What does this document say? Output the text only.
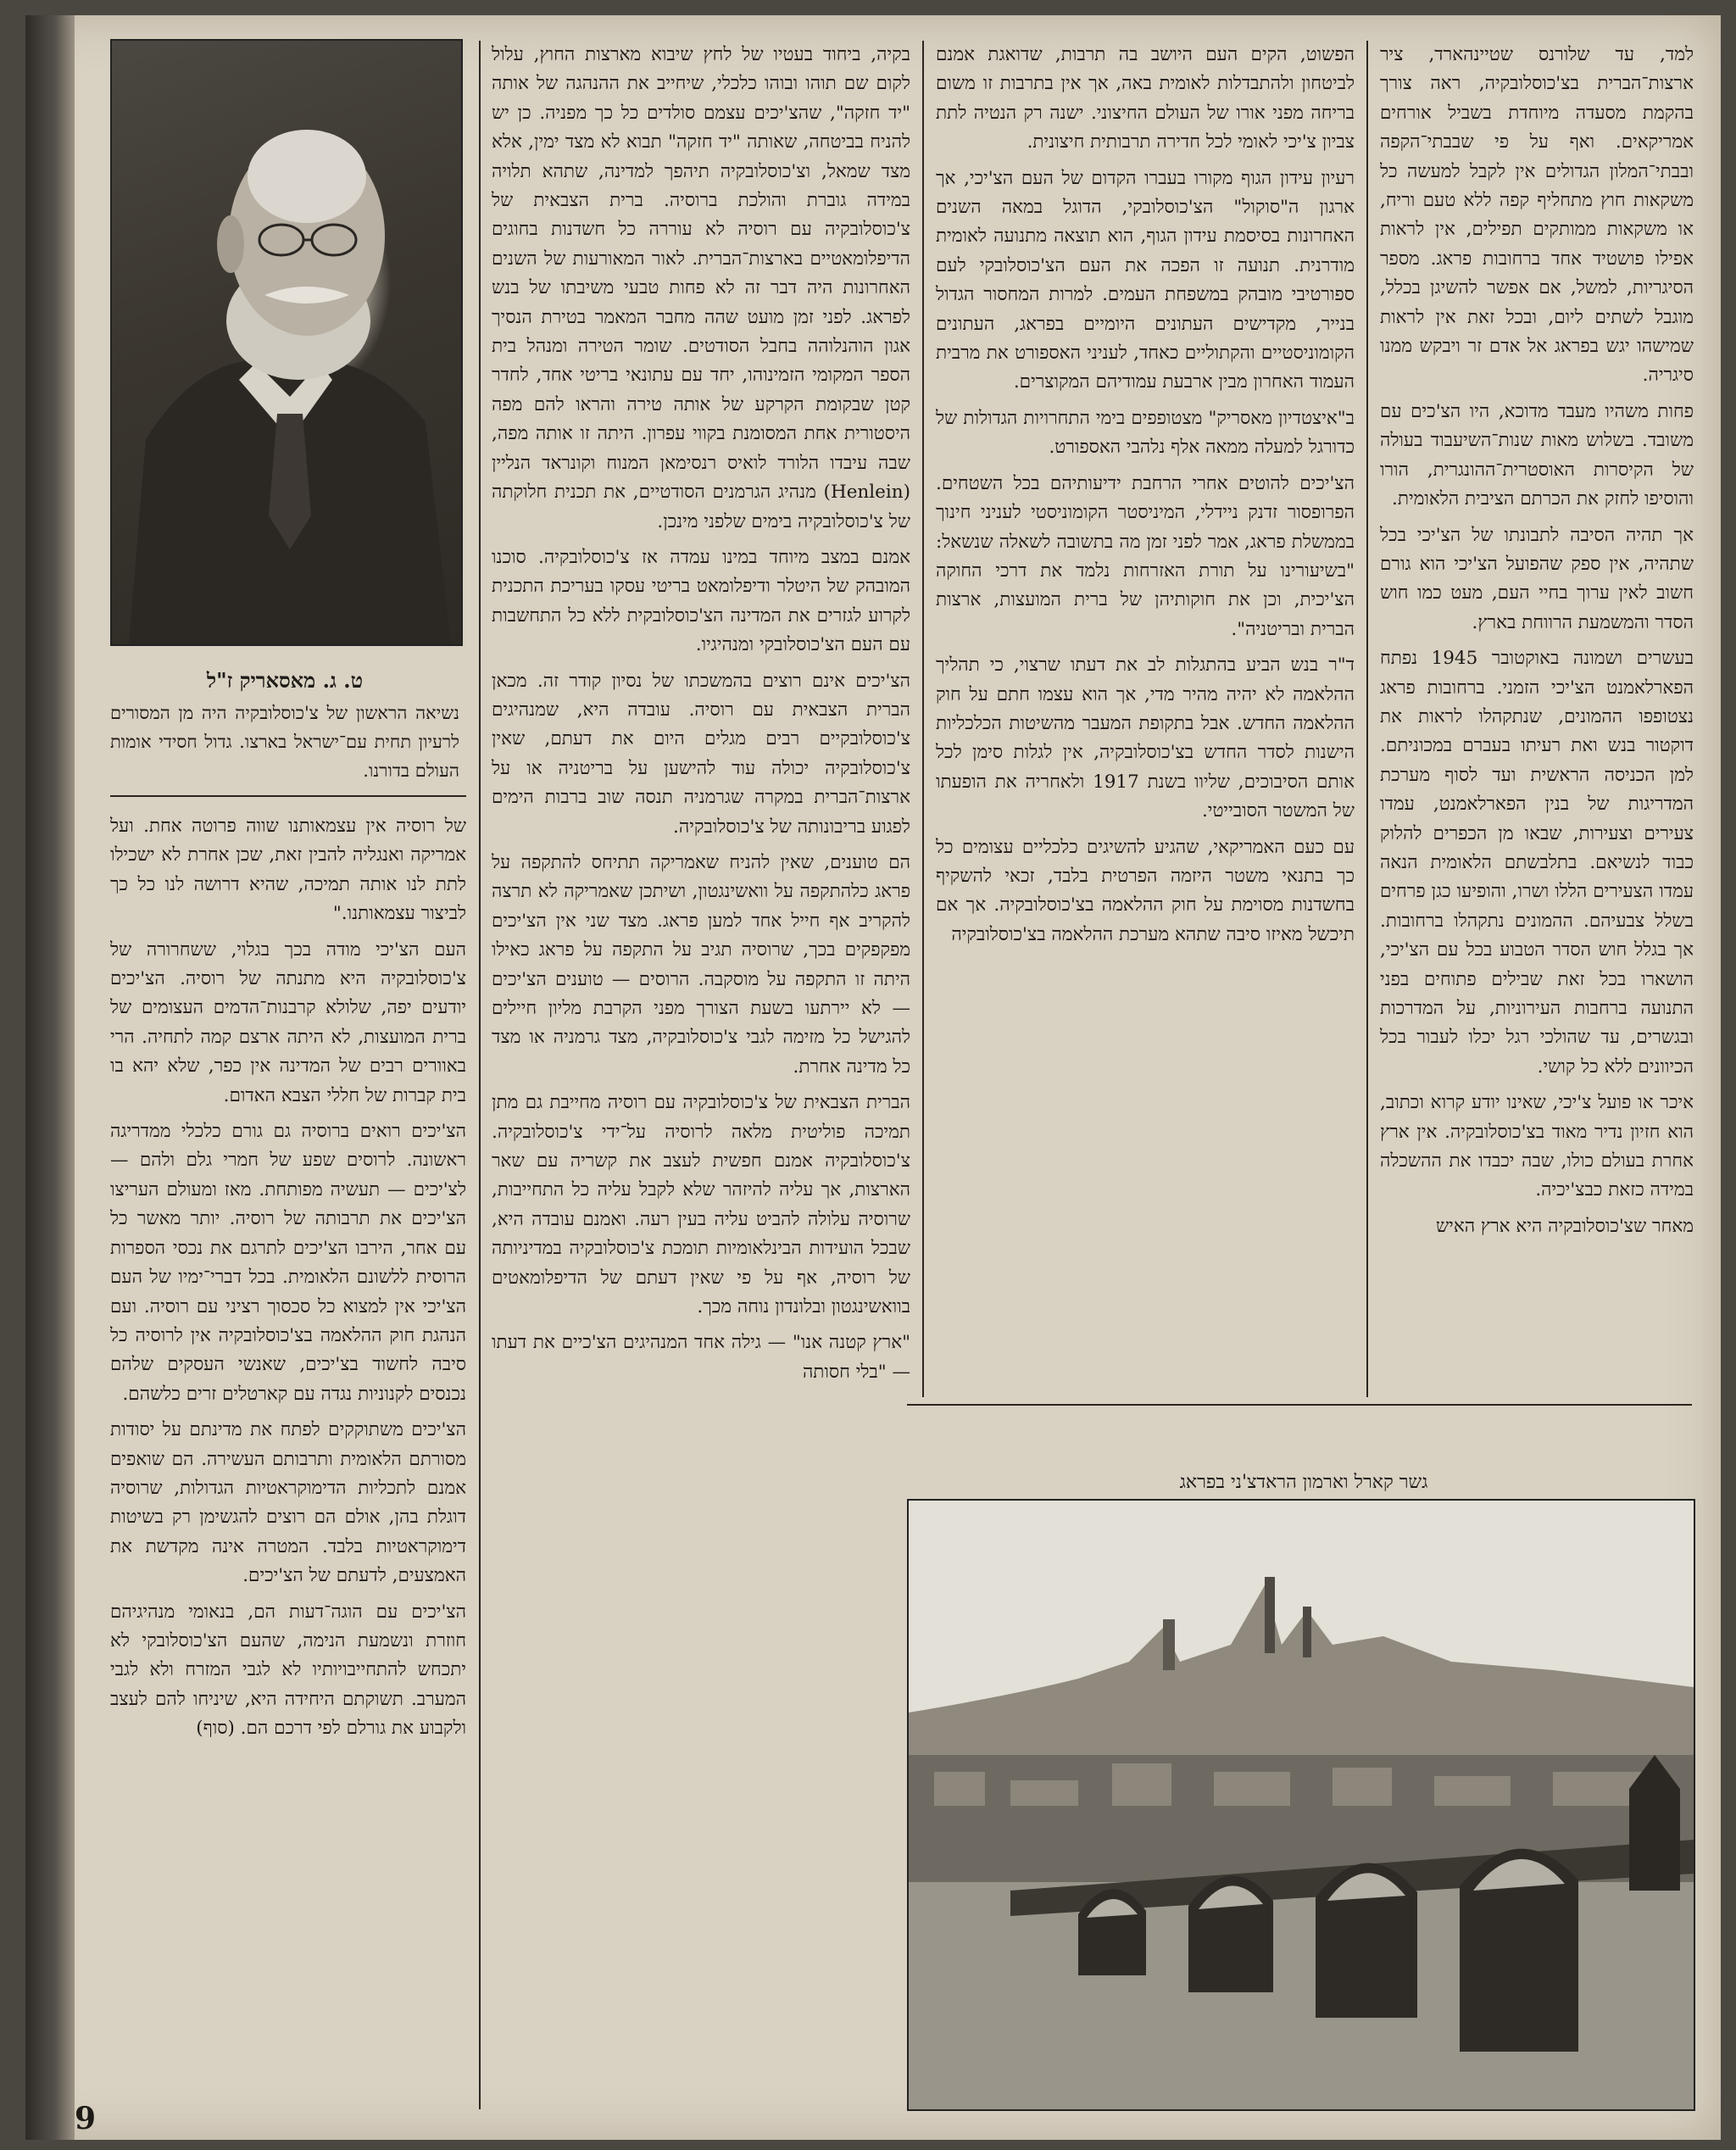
ט. ג. מאסאריק ז"ל
נשיאה הראשון של צ'כוסלובקיה היה מן המסורים לרעיון תחית עם־ישראל בארצו. גדול חסידי אומות העולם בדורנו.

למד, עד שלורנס שטיינהארד, ציר ארצות־הברית בצ'כוסלובקיה, ראה צורך בהקמת מסעדה מיוחדת בשביל אורחים אמריקאים. ואף על פי שבבתי־הקפה ובבתי־המלון הגדולים אין לקבל למעשה כל משקאות חוץ מתחליף קפה ללא טעם וריח, או משקאות ממותקים תפילים, אין לראות אפילו פושטיד אחד ברחובות פראג. מספר הסיגריות, למשל, אם אפשר להשיגן בכלל, מוגבל לשתים ליום, ובכל זאת אין לראות שמישהו יגש בפראג אל אדם זר ויבקש ממנו סיגריה.

פחות משהיו מעבד מדוכא, היו הצ'כים עם משובד. בשלוש מאות שנות־השיעבוד בעולה של הקיסרות האוסטרית־ההונגרית, הורו והוסיפו לחזק את הכרתם הציבית הלאומית.

אך תהיה הסיבה לתבונתו של הצ'יכי בכל שתהיה, אין ספק שהפועל הצ'יכי הוא גורם חשוב לאין ערוך בחיי העם, מעט כמו חוש הסדר והמשמעת הרווחת בארץ.

בעשרים ושמונה באוקטובר 1945 נפתח הפארלאמנט הצ'יכי הזמני. ברחובות פראג נצטופפו ההמונים, שנתקהלו לראות את דוקטור בנש ואת רעיתו בעברם במכוניתם. למן הכניסה הראשית ועד לסוף מערכת המדריגות של בנין הפארלאמנט, עמדו צעירים וצעירות, שבאו מן הכפרים להלוק כבוד לנשיאם. בתלבשתם הלאומית הנאה עמדו הצעירים הללו ושרו, והופיעו כגן פרחים בשלל צבעיהם. ההמונים נתקהלו ברחובות. אך בגלל חוש הסדר הטבוע בכל עם הצ'יכי, הושארו בכל זאת שבילים פתוחים בפני התנועה ברחבות העירוניות, על המדרכות ובגשרים, עד שהולכי רגל יכלו לעבור בכל הכיוונים ללא כל קושי.

איכר או פועל צ'יכי, שאינו יודע קרוא וכתוב, הוא חזיון נדיר מאוד בצ'כוסלובקיה. אין ארץ אחרת בעולם כולו, שבה יכבדו את ההשכלה במידה כזאת כבצ'יכיה.

מאחר שצ'כוסלובקיה היא ארץ האיש

הפשוט, הקים העם היושב בה תרבות, שדואגת אמנם לביטחון ולהתבדלות לאומית באה, אך אין בתרבות זו משום בריחה מפני אורו של העולם החיצוני. ישנה רק הנטיה לתת צביון צ'יכי לאומי לכל חדירה תרבותית חיצונית.

רעיון עידון הגוף מקורו בעברו הקדום של העם הצ'יכי, אך ארגון ה"סוקול" הצ'כוסלובקי, הדוגל במאה השנים האחרונות בסיסמת עידון הגוף, הוא תוצאה מתנועה לאומית מודרנית. תנועה זו הפכה את העם הצ'כוסלובקי לעם ספורטיבי מובהק במשפחת העמים. למרות המחסור הגדול בנייר, מקדישים העתונים היומיים בפראג, העתונים הקומוניסטיים והקתוליים כאחד, לעניני האספורט את מרבית העמוד האחרון מבין ארבעת עמודיהם המקוצרים.

ב"איצטדיון מאסריק" מצטופפים בימי התחרויות הגדולות של כדורגל למעלה ממאה אלף נלהבי האספורט.

הצ'יכים להוטים אחרי הרחבת ידיעותיהם בכל השטחים. הפרופסור זדנק ניידלי, המיניסטר הקומוניסטי לעניני חינוך בממשלת פראג, אמר לפני זמן מה בתשובה לשאלה שנשאל: "בשיעורינו על תורת האזרחות נלמד את דרכי החוקה הצ'יכית, וכן את חוקותיהן של ברית המועצות, ארצות הברית ובריטניה".

ד"ר בנש הביע בהתגלות לב את דעתו שרצוי, כי תהליך ההלאמה לא יהיה מהיר מדי, אך הוא עצמו חתם על חוק ההלאמה החדש. אבל בתקופת המעבר מהשיטות הכלכליות הישנות לסדר החדש בצ'כוסלובקיה, אין לגלות סימן לכל אותם הסיבוכים, שליוו בשנת 1917 ולאחריה את הופעתו של המשטר הסובייטי.

עם כעם האמריקאי, שהגיע להשיגים כלכליים עצומים כל כך בתנאי משטר היזמה הפרטית בלבד, זכאי להשקיף בחשדנות מסוימת על חוק ההלאמה בצ'כוסלובקיה. אך אם תיכשל מאיזו סיבה שתהא מערכת ההלאמה בצ'כוסלובקיה

בקיה, ביחוד בעטיו של לחץ שיבוא מארצות החוץ, עלול לקום שם תוהו ובוהו כלכלי, שיחייב את ההנהגה של אותה "יד חזקה", שהצ'יכים עצמם סולדים כל כך מפניה. כן יש להניח בביטחה, שאותה "יד חזקה" תבוא לא מצד ימין, אלא מצד שמאל, וצ'כוסלובקיה תיהפך למדינה, שתהא תלויה במידה גוברת והולכת ברוסיה. ברית הצבאית של צ'כוסלובקיה עם רוסיה לא עוררה כל חשדנות בחוגים הדיפלומאטיים בארצות־הברית. לאור המאורעות של השנים האחרונות היה דבר זה לא פחות טבעי משיבתו של בנש לפראג. לפני זמן מועט שהה מחבר המאמר בטירת הנסיך אגון הוהנלוהה בחבל הסודטים. שומר הטירה ומנהל בית הספר המקומי הזמינוהו, יחד עם עתונאי בריטי אחד, לחדר קטן שבקומת הקרקע של אותה טירה והראו להם מפה היסטורית אחת המסומנת בקווי עפרון. היתה זו אותה מפה, שבה עיבדו הלורד לואיס רנסימאן המנוח וקונראד הנליין (Henlein) מנהיג הגרמנים הסודטיים, את תכנית חלוקתה של צ'כוסלובקיה בימים שלפני מינכן.

אמנם במצב מיוחד במינו עמדה אז צ'כוסלובקיה. סוכנו המובהק של היטלר ודיפלומאט בריטי עסקו בעריכת התכנית לקרוע לגזרים את המדינה הצ'כוסלובקית ללא כל התחשבות עם העם הצ'כוסלובקי ומנהיגיו.

הצ'יכים אינם רוצים בהמשכתו של נסיון קודר זה. מכאן הברית הצבאית עם רוסיה. עובדה היא, שמנהיגים צ'כוסלובקיים רבים מגלים היום את דעתם, שאין צ'כוסלובקיה יכולה עוד להישען על בריטניה או על ארצות־הברית במקרה שגרמניה תנסה שוב ברבות הימים לפגוע בריבונותה של צ'כוסלובקיה.

הם טוענים, שאין להניח שאמריקה תתיחס להתקפה על פראג כלהתקפה על וואשינגטון, ושיתכן שאמריקה לא תרצה להקריב אף חייל אחד למען פראג. מצד שני אין הצ'יכים מפקפקים בכך, שרוסיה תגיב על התקפה על פראג כאילו היתה זו התקפה על מוסקבה. הרוסים — טוענים הצ'יכים — לא יירתעו בשעת הצורך מפני הקרבת מליון חיילים להגישל כל מזימה לגבי צ'כוסלובקיה, מצד גרמניה או מצד כל מדינה אחרת.

הברית הצבאית של צ'כוסלובקיה עם רוסיה מחייבת גם מתן תמיכה פוליטית מלאה לרוסיה על־ידי צ'כוסלובקיה. צ'כוסלובקיה אמנם חפשית לעצב את קשריה עם שאר הארצות, אך עליה להיזהר שלא לקבל עליה כל התחייבות, שרוסיה עלולה להביט עליה בעין רעה. ואמנם עובדה היא, שבכל הועידות הבינלאומיות תומכת צ'כוסלובקיה במדיניותה של רוסיה, אף על פי שאין דעתם של הדיפלומאטים בוואשינגטון ובלונדון נוחה מכך.

"ארץ קטנה אנו" — גילה אחד המנהיגים הצ'כיים את דעתו — "בלי חסותה

של רוסיה אין עצמאותנו שווה פרוטה אחת. ועל אמריקה ואנגליה להבין זאת, שכן אחרת לא ישכילו לתת לנו אותה תמיכה, שהיא דרושה לנו כל כך לביצור עצמאותנו."

העם הצ'יכי מודה בכך בגלוי, ששחרורה של צ'כוסלובקיה היא מתנתה של רוסיה. הצ'יכים יודעים יפה, שלולא קרבנות־הדמים העצומים של ברית המועצות, לא היתה ארצם קמה לתחיה. הרי באוורים רבים של המדינה אין כפר, שלא יהא בו בית קברות של חללי הצבא האדום.

הצ'יכים רואים ברוסיה גם גורם כלכלי ממדריגה ראשונה. לרוסים שפע של חמרי גלם ולהם — לצ'יכים — תעשיה מפותחת. מאז ומעולם העריצו הצ'יכים את תרבותה של רוסיה. יותר מאשר כל עם אחר, הירבו הצ'יכים לתרגם את נכסי הספרות הרוסית ללשונם הלאומית. בכל דברי־ימיו של העם הצ'יכי אין למצוא כל סכסוך רציני עם רוסיה. ועם הנהגת חוק ההלאמה בצ'כוסלובקיה אין לרוסיה כל סיבה לחשוד בצ'יכים, שאנשי העסקים שלהם נכנסים לקנוניות נגדה עם קארטלים זרים כלשהם.

הצ'יכים משתוקקים לפתח את מדינתם על יסודות מסורתם הלאומית ותרבותם העשירה. הם שואפים אמנם לתכליות הדימוקראטיות הגדולות, שרוסיה דוגלת בהן, אולם הם רוצים להגשימן רק בשיטות דימוקראטיות בלבד. המטרה אינה מקדשת את האמצעים, לדעתם של הצ'יכים.

הצ'יכים עם הוגה־דעות הם, בנאומי מנהיגיהם חוזרת ונשמעת הנימה, שהעם הצ'כוסלובקי לא יתכחש להתחייבויותיו לא לגבי המזרח ולא לגבי המערב. תשוקתם היחידה היא, שיניחו להם לעצב ולקבוע את גורלם לפי דרכם הם. (סוף)

גשר קארל וארמון הראדצ'ני בפראג
9
